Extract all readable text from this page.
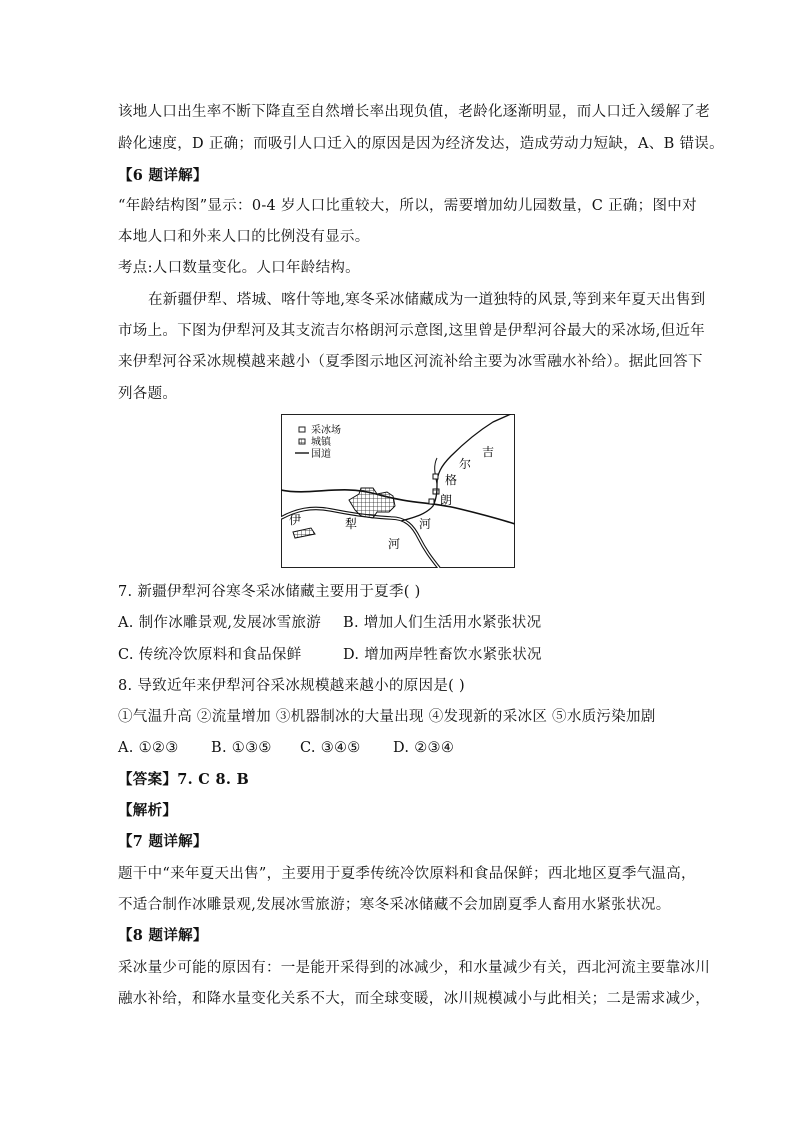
该地人口出生率不断下降直至自然增长率出现负值，老龄化逐渐明显，而人口迁入缓解了老
龄化速度，D 正确；而吸引人口迁入的原因是因为经济发达，造成劳动力短缺，A、B 错误。
【6 题详解】
“年龄结构图”显示：0-4 岁人口比重较大，所以，需要增加幼儿园数量，C 正确；图中对
本地人口和外来人口的比例没有显示。
考点:人口数量变化。人口年龄结构。
在新疆伊犁、塔城、喀什等地,寒冬采冰储藏成为一道独特的风景,等到来年夏天出售到
市场上。下图为伊犁河及其支流吉尔格朗河示意图,这里曾是伊犁河谷最大的采冰场,但近年
来伊犁河谷采冰规模越来越小（夏季图示地区河流补给主要为冰雪融水补给）。据此回答下
列各题。
采冰场
城镇
国道	吉
尔
格
朗
河
伊	犁
河
7. 新疆伊犁河谷寒冬采冰储藏主要用于夏季( )
A. 制作冰雕景观,发展冰雪旅游 B. 增加人们生活用水紧张状况
C. 传统冷饮原料和食品保鲜	D. 增加两岸牲畜饮水紧张状况
8. 导致近年来伊犁河谷采冰规模越来越小的原因是( )
①气温升高 ②流量增加 ③机器制冰的大量出现 ④发现新的采冰区 ⑤水质污染加剧
A. ①②③ B. ①③⑤ C. ③④⑤ D. ②③④
【答案】7. C 8. B
【解析】
【7 题详解】
题干中“来年夏天出售”，主要用于夏季传统冷饮原料和食品保鲜；西北地区夏季气温高，
不适合制作冰雕景观,发展冰雪旅游；寒冬采冰储藏不会加剧夏季人畜用水紧张状况。
【8 题详解】
采冰量少可能的原因有：一是能开采得到的冰减少，和水量减少有关，西北河流主要靠冰川
融水补给，和降水量变化关系不大，而全球变暖，冰川规模减小与此相关；二是需求减少，
